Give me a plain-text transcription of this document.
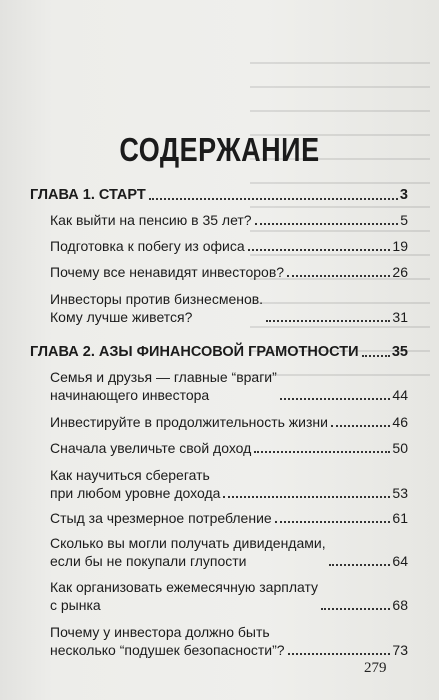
СОДЕРЖАНИЕ
ГЛАВА 1. СТАРТ	3
Как выйти на пенсию в 35 лет?	5
Подготовка к побегу из офиса	19
Почему все ненавидят инвесторов?	26
Инвесторы против бизнесменов.
Кому лучше живется?	31
ГЛАВА 2. АЗЫ ФИНАНСОВОЙ ГРАМОТНОСТИ 35
Семья и друзья — главные “враги”
начинающего инвестора	44
Инвестируйте в продолжительность жизни	46
Сначала увеличьте свой доход	50
Как научиться сберегать
при любом уровне дохода	53
Стыд за чрезмерное потребление	61
Сколько вы могли получать дивидендами,
если бы не покупали глупости	64
Как организовать ежемесячную зарплату
с рынка	68
Почему у инвестора должно быть
несколько “подушек безопасности”?	73
279
